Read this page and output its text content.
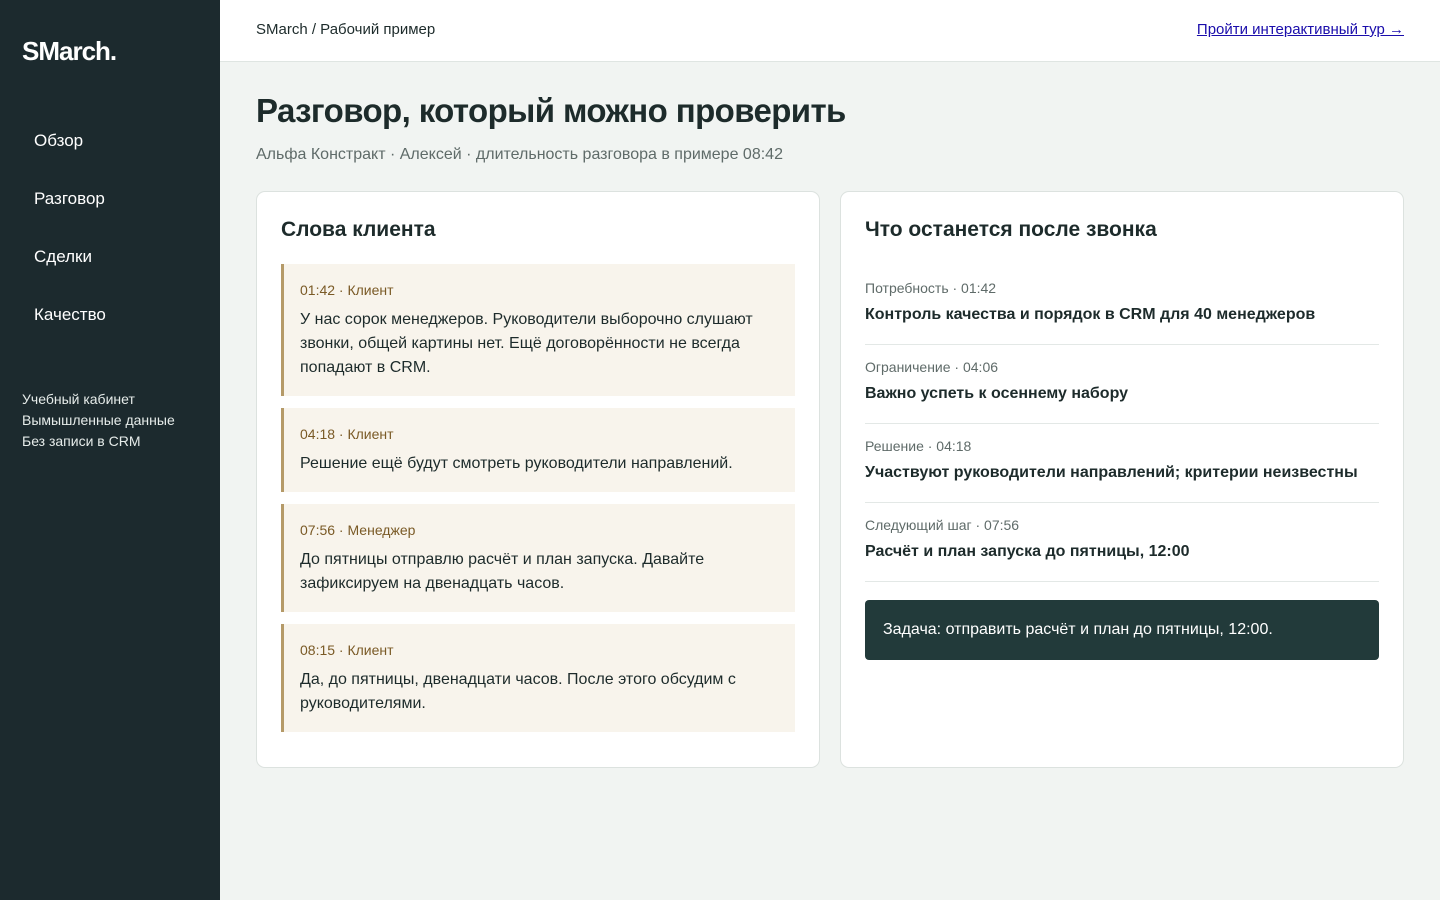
SMarch.
Обзор
Разговор
Сделки
Качество
Учебный кабинет
Вымышленные данные
Без записи в CRM
SMarch / Рабочий пример	Пройти интерактивный тур →
Разговор, который можно проверить
Альфа Констракт · Алексей · длительность разговора в примере 08:42
Слова клиента
01:42 · Клиент
У нас сорок менеджеров. Руководители выборочно слушают звонки, общей картины нет. Ещё договорённости не всегда попадают в CRM.
04:18 · Клиент
Решение ещё будут смотреть руководители направлений.
07:56 · Менеджер
До пятницы отправлю расчёт и план запуска. Давайте зафиксируем на двенадцать часов.
08:15 · Клиент
Да, до пятницы, двенадцати часов. После этого обсудим с руководителями.
Что останется после звонка
Потребность · 01:42
Контроль качества и порядок в CRM для 40 менеджеров
Ограничение · 04:06
Важно успеть к осеннему набору
Решение · 04:18
Участвуют руководители направлений; критерии неизвестны
Следующий шаг · 07:56
Расчёт и план запуска до пятницы, 12:00
Задача: отправить расчёт и план до пятницы, 12:00.
